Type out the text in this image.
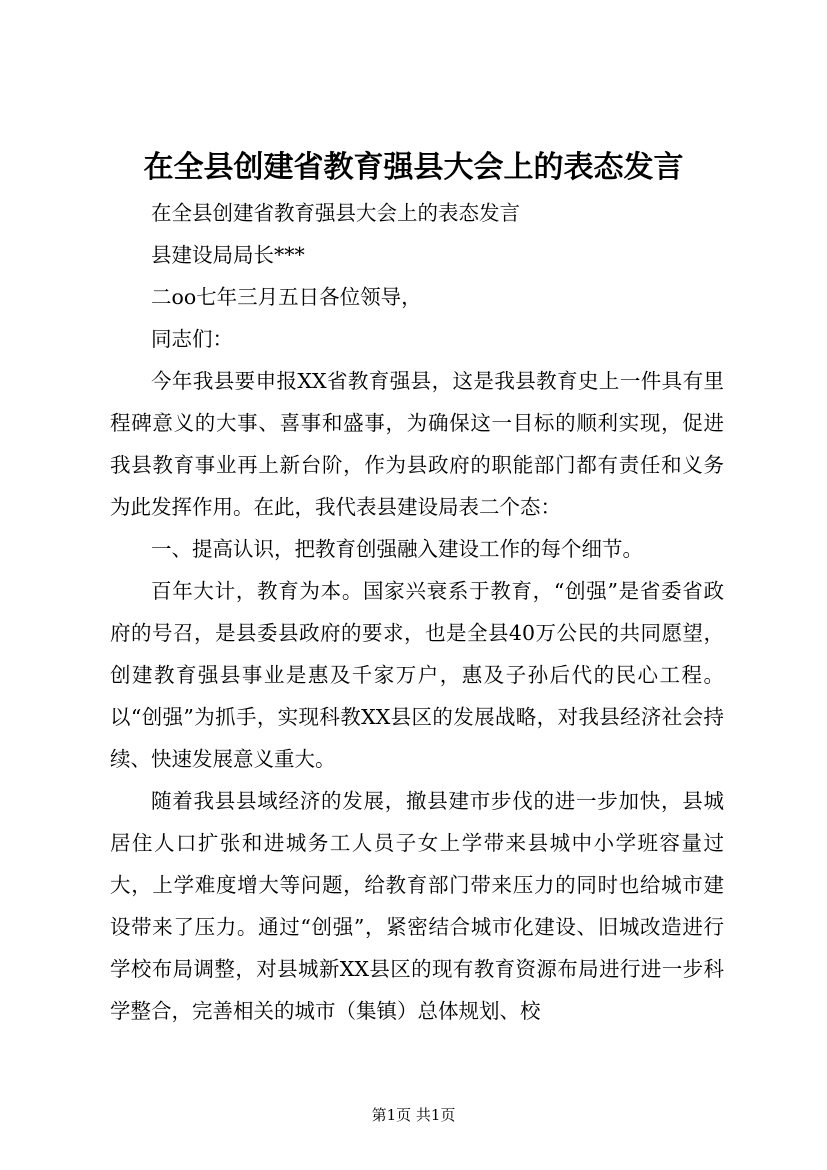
在全县创建省教育强县大会上的表态发言

在全县创建省教育强县大会上的表态发言

县建设局局长***

二oo七年三月五日各位领导，

同志们：

今年我县要申报XX省教育强县，这是我县教育史上一件具有里程碑意义的大事、喜事和盛事，为确保这一目标的顺利实现，促进我县教育事业再上新台阶，作为县政府的职能部门都有责任和义务为此发挥作用。在此，我代表县建设局表二个态：

一、提高认识，把教育创强融入建设工作的每个细节。

百年大计，教育为本。国家兴衰系于教育，“创强”是省委省政府的号召，是县委县政府的要求，也是全县40万公民的共同愿望，创建教育强县事业是惠及千家万户，惠及子孙后代的民心工程。以“创强”为抓手，实现科教XX县区的发展战略，对我县经济社会持续、快速发展意义重大。

随着我县县域经济的发展，撤县建市步伐的进一步加快，县城居住人口扩张和进城务工人员子女上学带来县城中小学班容量过大，上学难度增大等问题，给教育部门带来压力的同时也给城市建设带来了压力。通过“创强”，紧密结合城市化建设、旧城改造进行学校布局调整，对县城新XX县区的现有教育资源布局进行进一步科学整合，完善相关的城市（集镇）总体规划、校

第1页 共1页
